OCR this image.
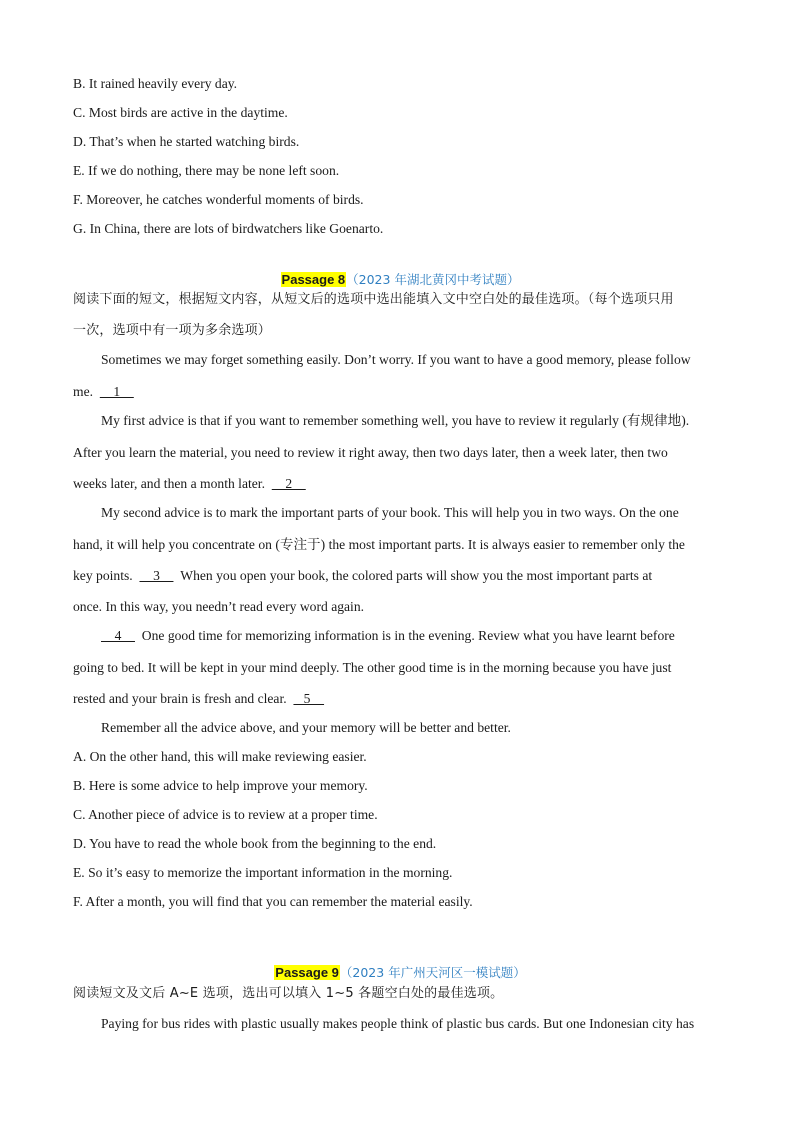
B. It rained heavily every day.
C. Most birds are active in the daytime.
D. That’s when he started watching birds.
E. If we do nothing, there may be none left soon.
F. Moreover, he catches wonderful moments of birds.
G. In China, there are lots of birdwatchers like Goenarto.
Passage 8（2023 年湖北黄冈中考试题）
阅读下面的短文，根据短文内容，从短文后的选项中选出能填入文中空白处的最佳选项。（每个选项只用
一次，选项中有一项为多余选项）
Sometimes we may forget something easily. Don’t worry. If you want to have a good memory, please follow
me.      1
My first advice is that if you want to remember something well, you have to review it regularly (有规律地).
After you learn the material, you need to review it right away, then two days later, then a week later, then two
weeks later, and then a month later.      2
My second advice is to mark the important parts of your book. This will help you in two ways. On the one
hand, it will help you concentrate on (专注于) the most important parts. It is always easier to remember only the
key points.      3      When you open your book, the colored parts will show you the most important parts at
once. In this way, you needn’t read every word again.
4      One good time for memorizing information is in the evening. Review what you have learnt before
going to bed. It will be kept in your mind deeply. The other good time is in the morning because you have just
rested and your brain is fresh and clear.     5
Remember all the advice above, and your memory will be better and better.
A. On the other hand, this will make reviewing easier.
B. Here is some advice to help improve your memory.
C. Another piece of advice is to review at a proper time.
D. You have to read the whole book from the beginning to the end.
E. So it’s easy to memorize the important information in the morning.
F. After a month, you will find that you can remember the material easily.
Passage 9（2023 年广州天河区一模试题）
阅读短文及文后 A~E 选项，选出可以填入 1~5 各题空白处的最佳选项。
Paying for bus rides with plastic usually makes people think of plastic bus cards. But one Indonesian city has
